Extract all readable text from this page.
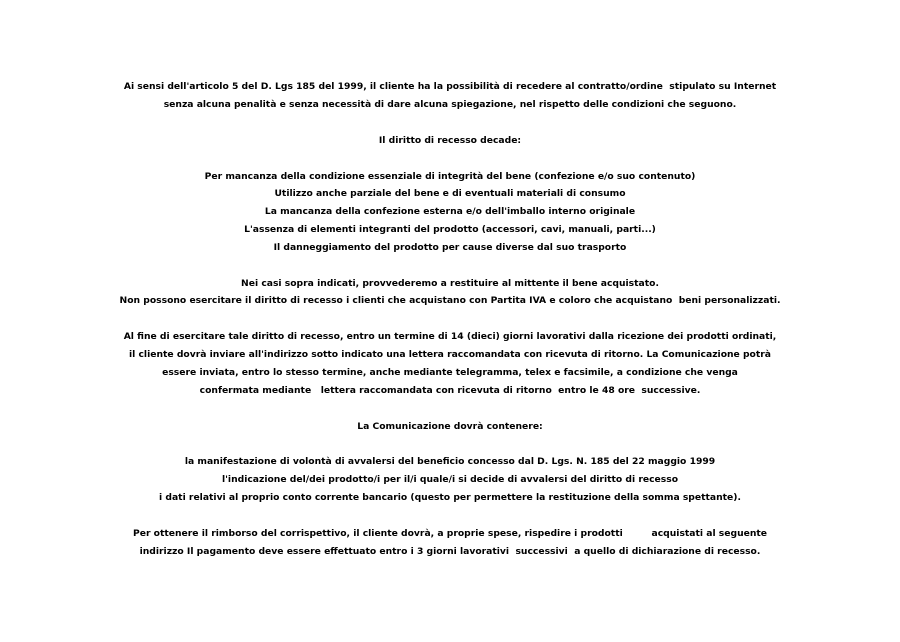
Ai sensi dell'articolo 5 del D. Lgs 185 del 1999, il cliente ha la possibilità di recedere al contratto/ordine  stipulato su Internet
senza alcuna penalità e senza necessità di dare alcuna spiegazione, nel rispetto delle condizioni che seguono.
Il diritto di recesso decade:
Per mancanza della condizione essenziale di integrità del bene (confezione e/o suo contenuto)
Utilizzo anche parziale del bene e di eventuali materiali di consumo
La mancanza della confezione esterna e/o dell'imballo interno originale
L'assenza di elementi integranti del prodotto (accessori, cavi, manuali, parti...)
Il danneggiamento del prodotto per cause diverse dal suo trasporto
Nei casi sopra indicati, provvederemo a restituire al mittente il bene acquistato.
Non possono esercitare il diritto di recesso i clienti che acquistano con Partita IVA e coloro che acquistano  beni personalizzati.
Al fine di esercitare tale diritto di recesso, entro un termine di 14 (dieci) giorni lavorativi dalla ricezione dei prodotti ordinati,
il cliente dovrà inviare all'indirizzo sotto indicato una lettera raccomandata con ricevuta di ritorno. La Comunicazione potrà
essere inviata, entro lo stesso termine, anche mediante telegramma, telex e facsimile, a condizione che venga
confermata mediante   lettera raccomandata con ricevuta di ritorno  entro le 48 ore  successive.
La Comunicazione dovrà contenere:
la manifestazione di volontà di avvalersi del beneficio concesso dal D. Lgs. N. 185 del 22 maggio 1999
l'indicazione del/dei prodotto/i per il/i quale/i si decide di avvalersi del diritto di recesso
i dati relativi al proprio conto corrente bancario (questo per permettere la restituzione della somma spettante).
Per ottenere il rimborso del corrispettivo, il cliente dovrà, a proprie spese, rispedire i prodotti         acquistati al seguente
indirizzo Il pagamento deve essere effettuato entro i 3 giorni lavorativi  successivi  a quello di dichiarazione di recesso.
